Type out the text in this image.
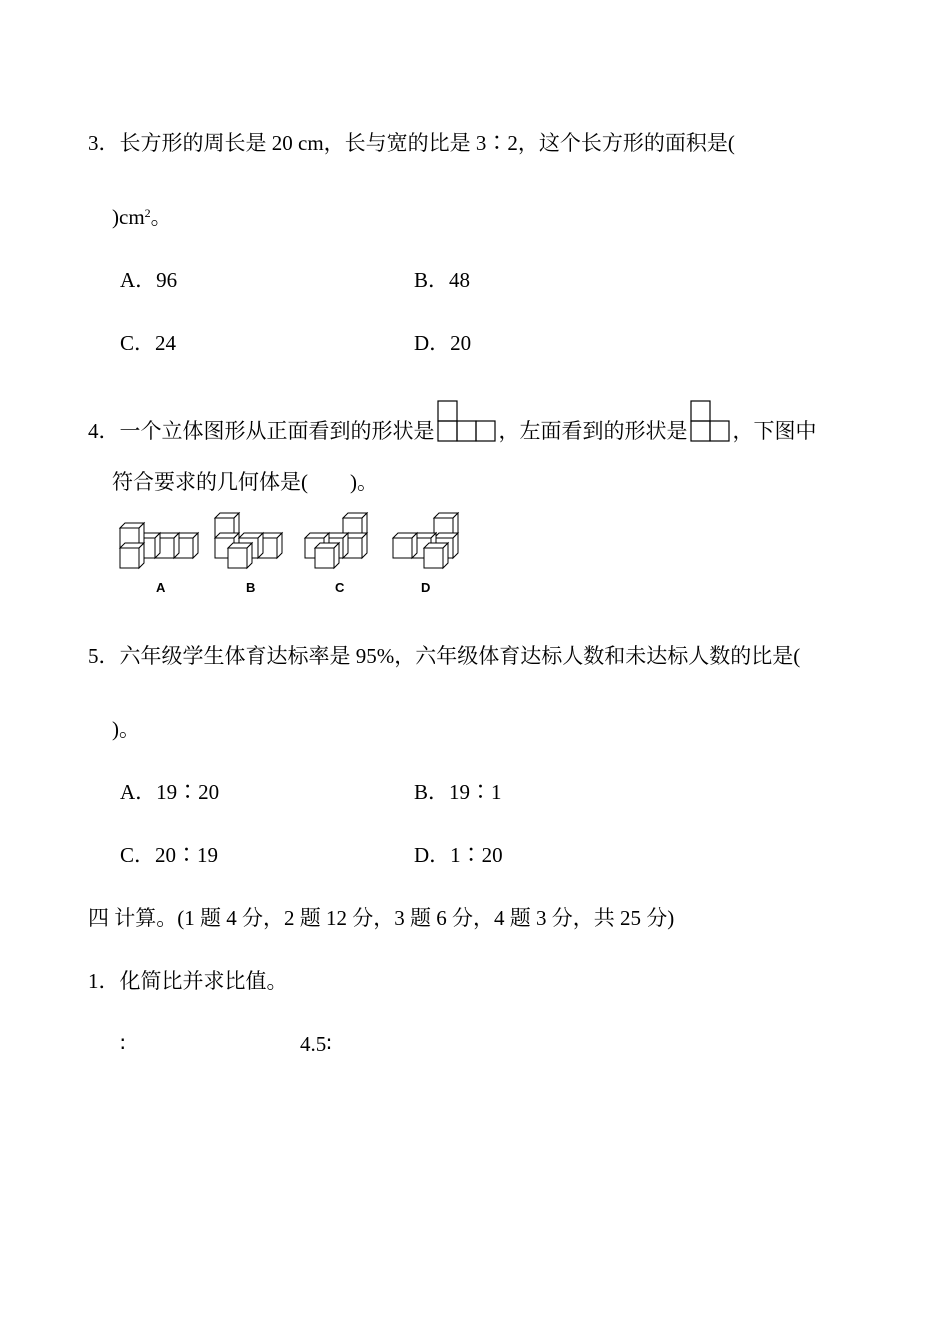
3．长方形的周长是 20 cm，长与宽的比是 3∶2，这个长方形的面积是(
)$cm^2$。
A．96	B．48
C．24	D．20
4．一个立体图形从正面看到的形状是	，左面看到的形状是 ，下图中
符合要求的几何体是(　　)。
A	B	C	D
5．六年级学生体育达标率是 95%，六年级体育达标人数和未达标人数的比是(
)。
A．19∶20	B．19∶1
C．20∶19	D．1∶20
四 计算。(1 题 4 分，2 题 12 分，3 题 6 分，4 题 3 分，共 25 分)
1．化简比并求比值。
∶	4.5∶
